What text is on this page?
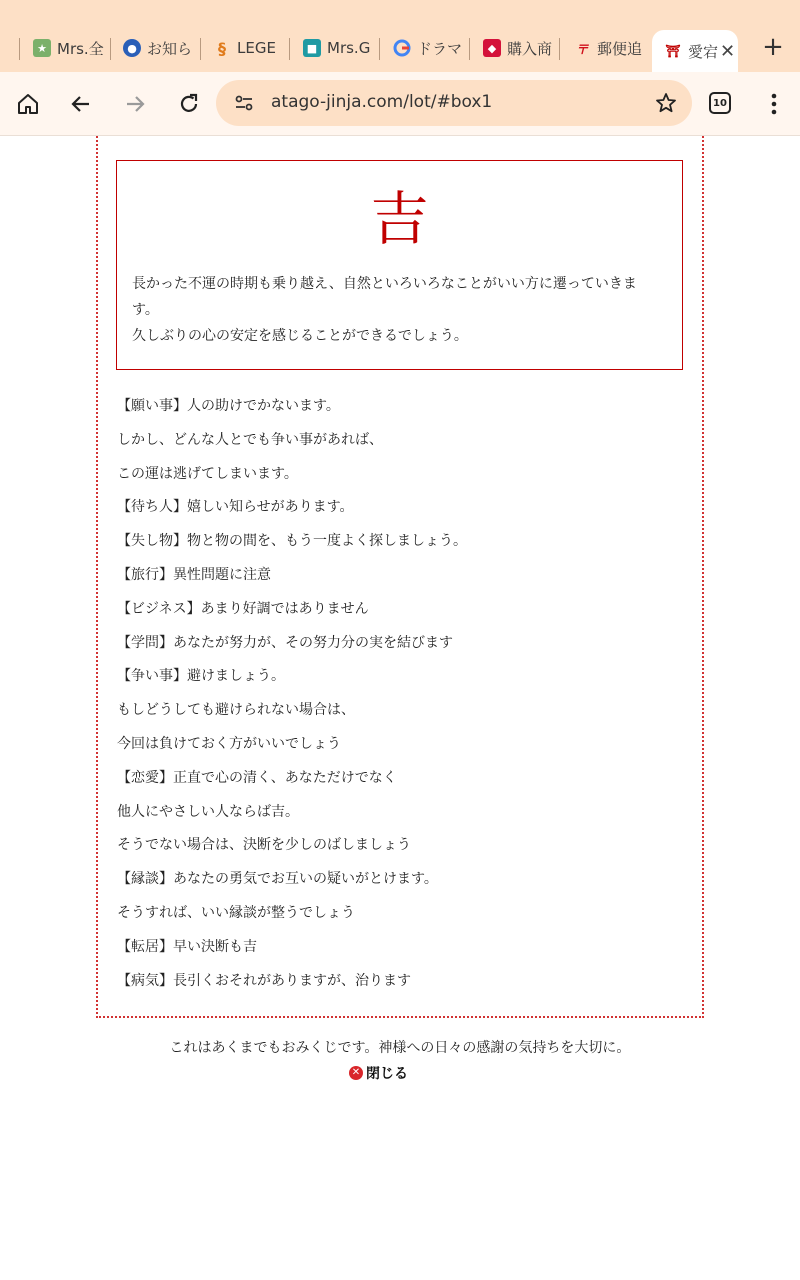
★ Mrs.全	● お知ら	§ LEGE	■ Mrs.G	ドラマ	◆ 購入商 〒 郵便追 ⛩ 愛宕 ✕ +
atago-jinja.com/lot/#box1	10
吉

長かった不運の時期も乗り越え、自然といろいろなことがいい方に遷っていきま

す。

久しぶりの心の安定を感じることができるでしょう。

【願い事】人の助けでかないます。

しかし、どんな人とでも争い事があれば、

この運は逃げてしまいます。

【待ち人】嬉しい知らせがあります。

【失し物】物と物の間を、もう一度よく探しましょう。

【旅行】異性問題に注意

【ビジネス】あまり好調ではありません

【学問】あなたが努力が、その努力分の実を結びます

【争い事】避けましょう。

もしどうしても避けられない場合は、

今回は負けておく方がいいでしょう

【恋愛】正直で心の清く、あなただけでなく

他人にやさしい人ならば吉。

そうでない場合は、決断を少しのばしましょう

【縁談】あなたの勇気でお互いの疑いがとけます。

そうすれば、いい縁談が整うでしょう

【転居】早い決断も吉

【病気】長引くおそれがありますが、治ります

これはあくまでもおみくじです。神様への日々の感謝の気持ちを大切に。
✕ 閉じる
